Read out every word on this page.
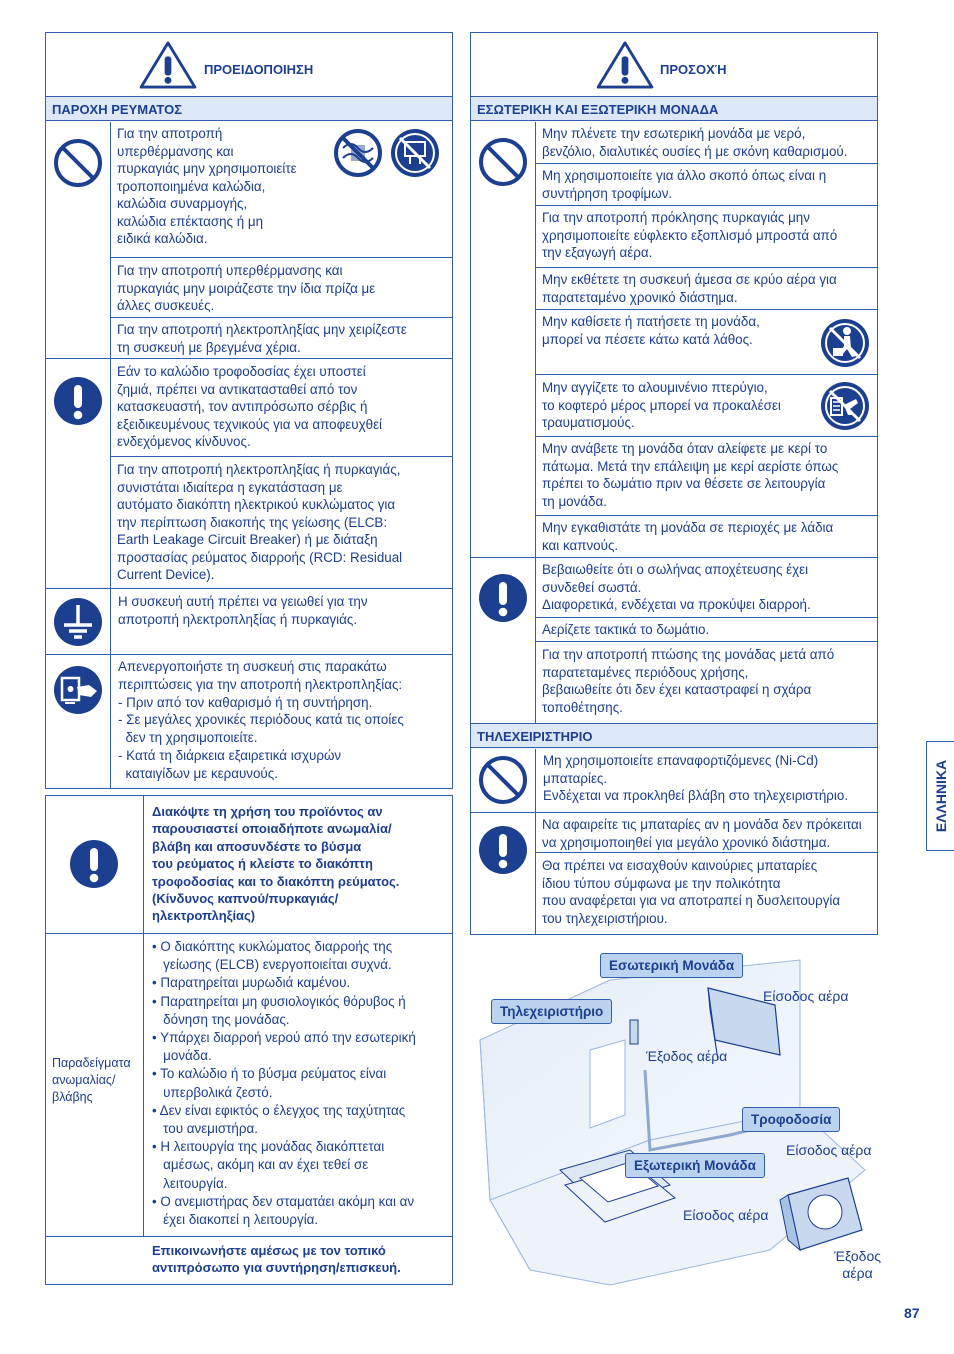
ΠΡΟΕΙΔΟΠΟΙΗΣΗ
ΠΑΡΟΧΗ ΡΕΥΜΑΤΟΣ
Για την αποτροπή
υπερθέρμανσης και
πυρκαγιάς μην χρησιμοποιείτε
τροποποιημένα καλώδια,
καλώδια συναρμογής,
καλώδια επέκτασης ή μη
ειδικά καλώδια.
Για την αποτροπή υπερθέρμανσης και
πυρκαγιάς μην μοιράζεστε την ίδια πρίζα με
άλλες συσκευές.
Για την αποτροπή ηλεκτροπληξίας μην χειρίζεστε
τη συσκευή με βρεγμένα χέρια.
Εάν το καλώδιο τροφοδοσίας έχει υποστεί
ζημιά, πρέπει να αντικατασταθεί από τον
κατασκευαστή, τον αντιπρόσωπο σέρβις ή
εξειδικευμένους τεχνικούς για να αποφευχθεί
ενδεχόμενος κίνδυνος.
Για την αποτροπή ηλεκτροπληξίας ή πυρκαγιάς,
συνιστάται ιδιαίτερα η εγκατάσταση με
αυτόματο διακόπτη ηλεκτρικού κυκλώματος για
την περίπτωση διακοπής της γείωσης (ELCB:
Earth Leakage Circuit Breaker) ή με διάταξη
προστασίας ρεύματος διαρροής (RCD: Residual
Current Device).
Η συσκευή αυτή πρέπει να γειωθεί για την
αποτροπή ηλεκτροπληξίας ή πυρκαγιάς.
Απενεργοποιήστε τη συσκευή στις παρακάτω
περιπτώσεις για την αποτροπή ηλεκτροπληξίας:
- Πριν από τον καθαρισμό ή τη συντήρηση.
- Σε μεγάλες χρονικές περιόδους κατά τις οποίες
δεν τη χρησιμοποιείτε.
- Κατά τη διάρκεια εξαιρετικά ισχυρών
καταιγίδων με κεραυνούς.
Διακόψτε τη χρήση του προϊόντος αν
παρουσιαστεί οποιαδήποτε ανωμαλία/
βλάβη και αποσυνδέστε το βύσμα
του ρεύματος ή κλείστε το διακόπτη
τροφοδοσίας και το διακόπτη ρεύματος.
(Κίνδυνος καπνού/πυρκαγιάς/
ηλεκτροπληξίας)
Παραδείγματα
ανωμαλίας/
βλάβης
• Ο διακόπτης κυκλώματος διαρροής της
γείωσης (ELCB) ενεργοποιείται συχνά.
• Παρατηρείται μυρωδιά καμένου.
• Παρατηρείται μη φυσιολογικός θόρυβος ή
δόνηση της μονάδας.
• Υπάρχει διαρροή νερού από την εσωτερική
μονάδα.
• Το καλώδιο ή το βύσμα ρεύματος είναι
υπερβολικά ζεστό.
• Δεν είναι εφικτός ο έλεγχος της ταχύτητας
του ανεμιστήρα.
• Η λειτουργία της μονάδας διακόπτεται
αμέσως, ακόμη και αν έχει τεθεί σε
λειτουργία.
• Ο ανεμιστήρας δεν σταματάει ακόμη και αν
έχει διακοπεί η λειτουργία.
Επικοινωνήστε αμέσως με τον τοπικό
αντιπρόσωπο για συντήρηση/επισκευή.
ΠΡΟΣΟΧΉ
ΕΣΩΤΕΡΙΚΗ ΚΑΙ ΕΞΩΤΕΡΙΚΗ ΜΟΝΑΔΑ
Μην πλένετε την εσωτερική μονάδα με νερό,
βενζόλιο, διαλυτικές ουσίες ή με σκόνη καθαρισμού.
Μη χρησιμοποιείτε για άλλο σκοπό όπως είναι η
συντήρηση τροφίμων.
Για την αποτροπή πρόκλησης πυρκαγιάς μην
χρησιμοποιείτε εύφλεκτο εξοπλισμό μπροστά από
την εξαγωγή αέρα.
Μην εκθέτετε τη συσκευή άμεσα σε κρύο αέρα για
παρατεταμένο χρονικό διάστημα.
Μην καθίσετε ή πατήσετε τη μονάδα,
μπορεί να πέσετε κάτω κατά λάθος.
Μην αγγίζετε το αλουμινένιο πτερύγιο,
το κοφτερό μέρος μπορεί να προκαλέσει
τραυματισμούς.
Μην ανάβετε τη μονάδα όταν αλείφετε με κερί το
πάτωμα. Μετά την επάλειψη με κερί αερίστε όπως
πρέπει το δωμάτιο πριν να θέσετε σε λειτουργία
τη μονάδα.
Μην εγκαθιστάτε τη μονάδα σε περιοχές με λάδια
και καπνούς.
Βεβαιωθείτε ότι ο σωλήνας αποχέτευσης έχει
συνδεθεί σωστά.
Διαφορετικά, ενδέχεται να προκύψει διαρροή.
Αερίζετε τακτικά το δωμάτιο.
Για την αποτροπή πτώσης της μονάδας μετά από
παρατεταμένες περιόδους χρήσης,
βεβαιωθείτε ότι δεν έχει καταστραφεί η σχάρα
τοποθέτησης.
ΤΗΛΕΧΕΙΡΙΣΤΗΡΙΟ
Μη χρησιμοποιείτε επαναφορτιζόμενες (Ni-Cd)
μπαταρίες.
Ενδέχεται να προκληθεί βλάβη στο τηλεχειριστήριο.
Να αφαιρείτε τις μπαταρίες αν η μονάδα δεν πρόκειται
να χρησιμοποιηθεί για μεγάλο χρονικό διάστημα.
Θα πρέπει να εισαχθούν καινούριες μπαταρίες
ίδιου τύπου σύμφωνα με την πολικότητα
που αναφέρεται για να αποτραπεί η δυσλειτουργία
του τηλεχειριστήριου.
Εσωτερική Μονάδα
Τηλεχειριστήριο
Τροφοδοσία
Εξωτερική Μονάδα
Είσοδος αέρα
Έξοδος αέρα
Είσοδος αέρα
Είσοδος αέρα
Έξοδος
αέρα
ΕΛΛΗΝΙΚΑ
87
